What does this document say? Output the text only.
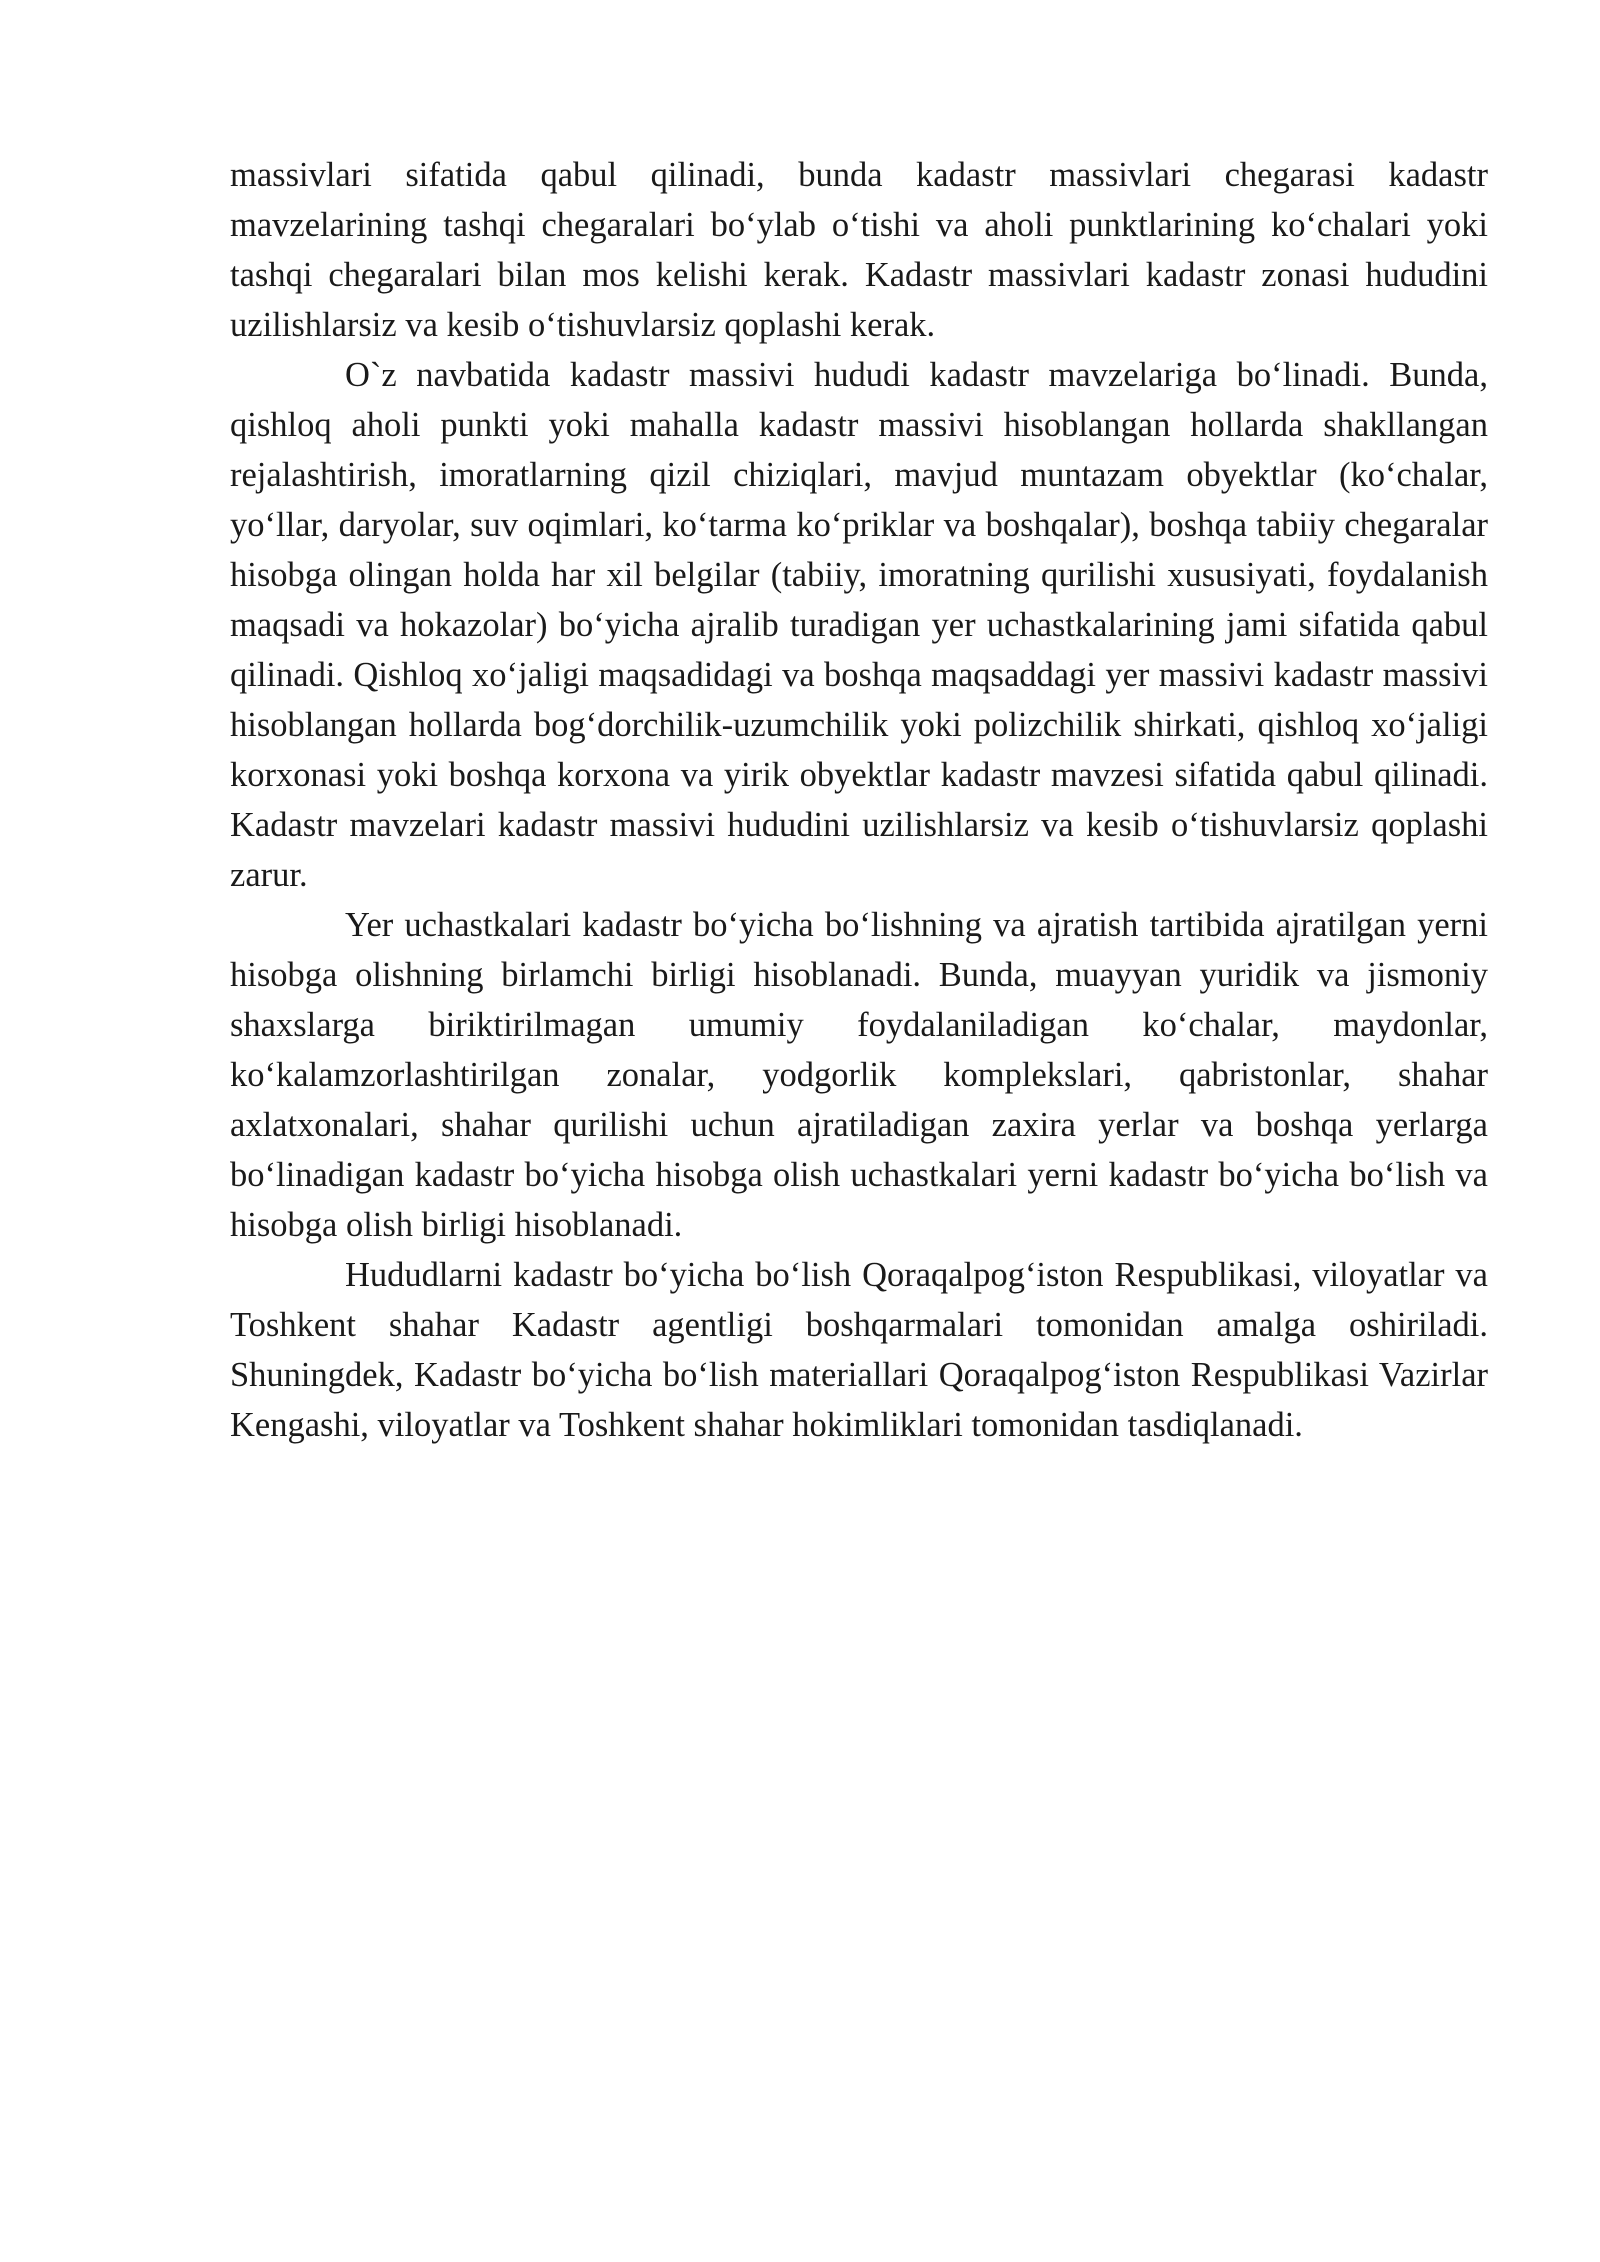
massivlari sifatida qabul qilinadi, bunda kadastr massivlari chegarasi kadastr mavzelarining tashqi chegaralari bo‘ylab o‘tishi va aholi punktlarining ko‘chalari yoki tashqi chegaralari bilan mos kelishi kerak. Kadastr massivlari kadastr zonasi hududini uzilishlarsiz va kesib o‘tishuvlarsiz qoplashi kerak.

O`z navbatida kadastr massivi hududi kadastr mavzelariga bo‘linadi. Bunda, qishloq aholi punkti yoki mahalla kadastr massivi hisoblangan hollarda shakllangan rejalashtirish, imoratlarning qizil chiziqlari, mavjud muntazam obyektlar (ko‘chalar, yo‘llar, daryolar, suv oqimlari, ko‘tarma ko‘priklar va boshqalar), boshqa tabiiy chegaralar hisobga olingan holda har xil belgilar (tabiiy, imoratning qurilishi xususiyati, foydalanish maqsadi va hokazolar) bo‘yicha ajralib turadigan yer uchastkalarining jami sifatida qabul qilinadi. Qishloq xo‘jaligi maqsadidagi va boshqa maqsaddagi yer massivi kadastr massivi hisoblangan hollarda bog‘dorchilik-uzumchilik yoki polizchilik shirkati, qishloq xo‘jaligi korxonasi yoki boshqa korxona va yirik obyektlar kadastr mavzesi sifatida qabul qilinadi. Kadastr mavzelari kadastr massivi hududini uzilishlarsiz va kesib o‘tishuvlarsiz qoplashi zarur.

Yer uchastkalari kadastr bo‘yicha bo‘lishning va ajratish tartibida ajratilgan yerni hisobga olishning birlamchi birligi hisoblanadi. Bunda, muayyan yuridik va jismoniy shaxslarga biriktirilmagan umumiy foydalaniladigan ko‘chalar, maydonlar, ko‘kalamzorlashtirilgan zonalar, yodgorlik komplekslari, qabristonlar, shahar axlatxonalari, shahar qurilishi uchun ajratiladigan zaxira yerlar va boshqa yerlarga bo‘linadigan kadastr bo‘yicha hisobga olish uchastkalari yerni kadastr bo‘yicha bo‘lish va hisobga olish birligi hisoblanadi.

Hududlarni kadastr bo‘yicha bo‘lish Qoraqalpog‘iston Respublikasi, viloyatlar va Toshkent shahar Kadastr agentligi boshqarmalari tomonidan amalga oshiriladi. Shuningdek, Kadastr bo‘yicha bo‘lish materiallari Qoraqalpog‘iston Respublikasi Vazirlar Kengashi, viloyatlar va Toshkent shahar hokimliklari tomonidan tasdiqlanadi.
